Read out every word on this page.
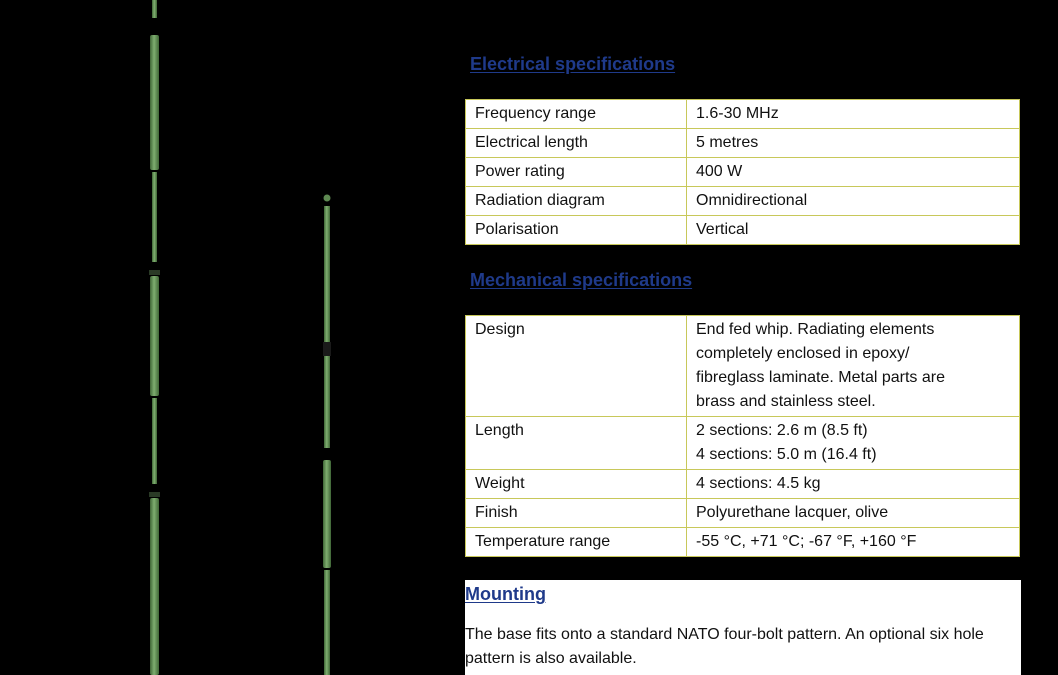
Electrical specifications
Frequency range	1.6-30 MHz
Electrical length	5 metres
Power rating	400 W
Radiation diagram	Omnidirectional
Polarisation	Vertical
Mechanical specifications
Design	End fed whip. Radiating elements
completely enclosed in epoxy/
fibreglass laminate. Metal parts are
brass and stainless steel.
Length	2 sections: 2.6 m (8.5 ft)
4 sections: 5.0 m (16.4 ft)
Weight	4 sections: 4.5 kg
Finish	Polyurethane lacquer, olive
Temperature range	-55 °C, +71 °C; -67 °F, +160 °F
Mounting
The base fits onto a standard NATO four-bolt pattern. An optional six hole pattern is also available.
